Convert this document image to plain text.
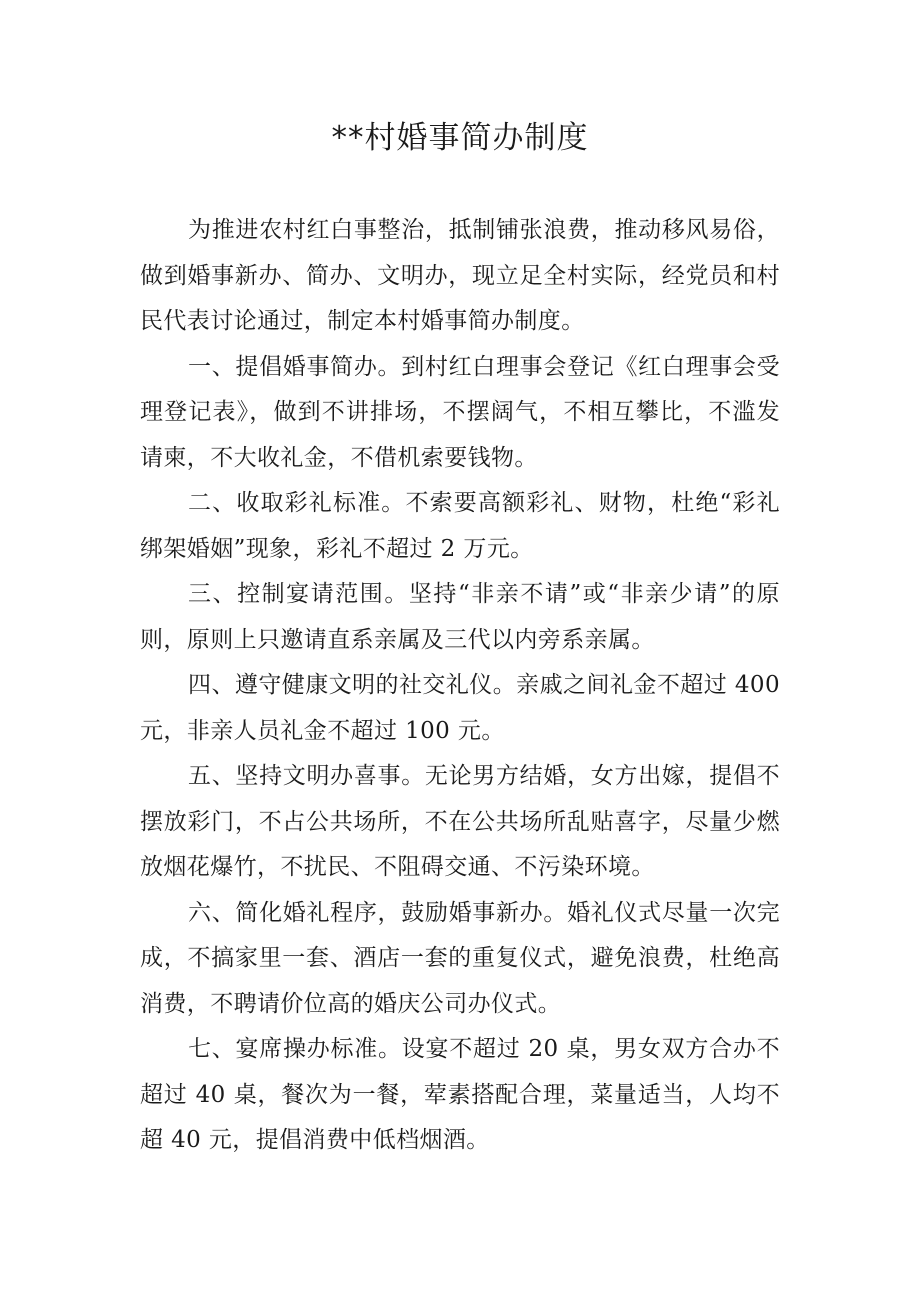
**村婚事简办制度

为推进农村红白事整治，抵制铺张浪费，推动移风易俗，做到婚事新办、简办、文明办，现立足全村实际，经党员和村民代表讨论通过，制定本村婚事简办制度。

一、提倡婚事简办。到村红白理事会登记《红白理事会受理登记表》，做到不讲排场，不摆阔气，不相互攀比，不滥发请柬，不大收礼金，不借机索要钱物。

二、收取彩礼标准。不索要高额彩礼、财物，杜绝“彩礼绑架婚姻”现象，彩礼不超过 2 万元。

三、控制宴请范围。坚持“非亲不请”或“非亲少请”的原则，原则上只邀请直系亲属及三代以内旁系亲属。

四、遵守健康文明的社交礼仪。亲戚之间礼金不超过 400 元，非亲人员礼金不超过 100 元。

五、坚持文明办喜事。无论男方结婚，女方出嫁，提倡不摆放彩门，不占公共场所，不在公共场所乱贴喜字，尽量少燃放烟花爆竹，不扰民、不阻碍交通、不污染环境。

六、简化婚礼程序，鼓励婚事新办。婚礼仪式尽量一次完成，不搞家里一套、酒店一套的重复仪式，避免浪费，杜绝高消费，不聘请价位高的婚庆公司办仪式。

七、宴席操办标准。设宴不超过 20 桌，男女双方合办不超过 40 桌，餐次为一餐，荤素搭配合理，菜量适当，人均不超 40 元，提倡消费中低档烟酒。
